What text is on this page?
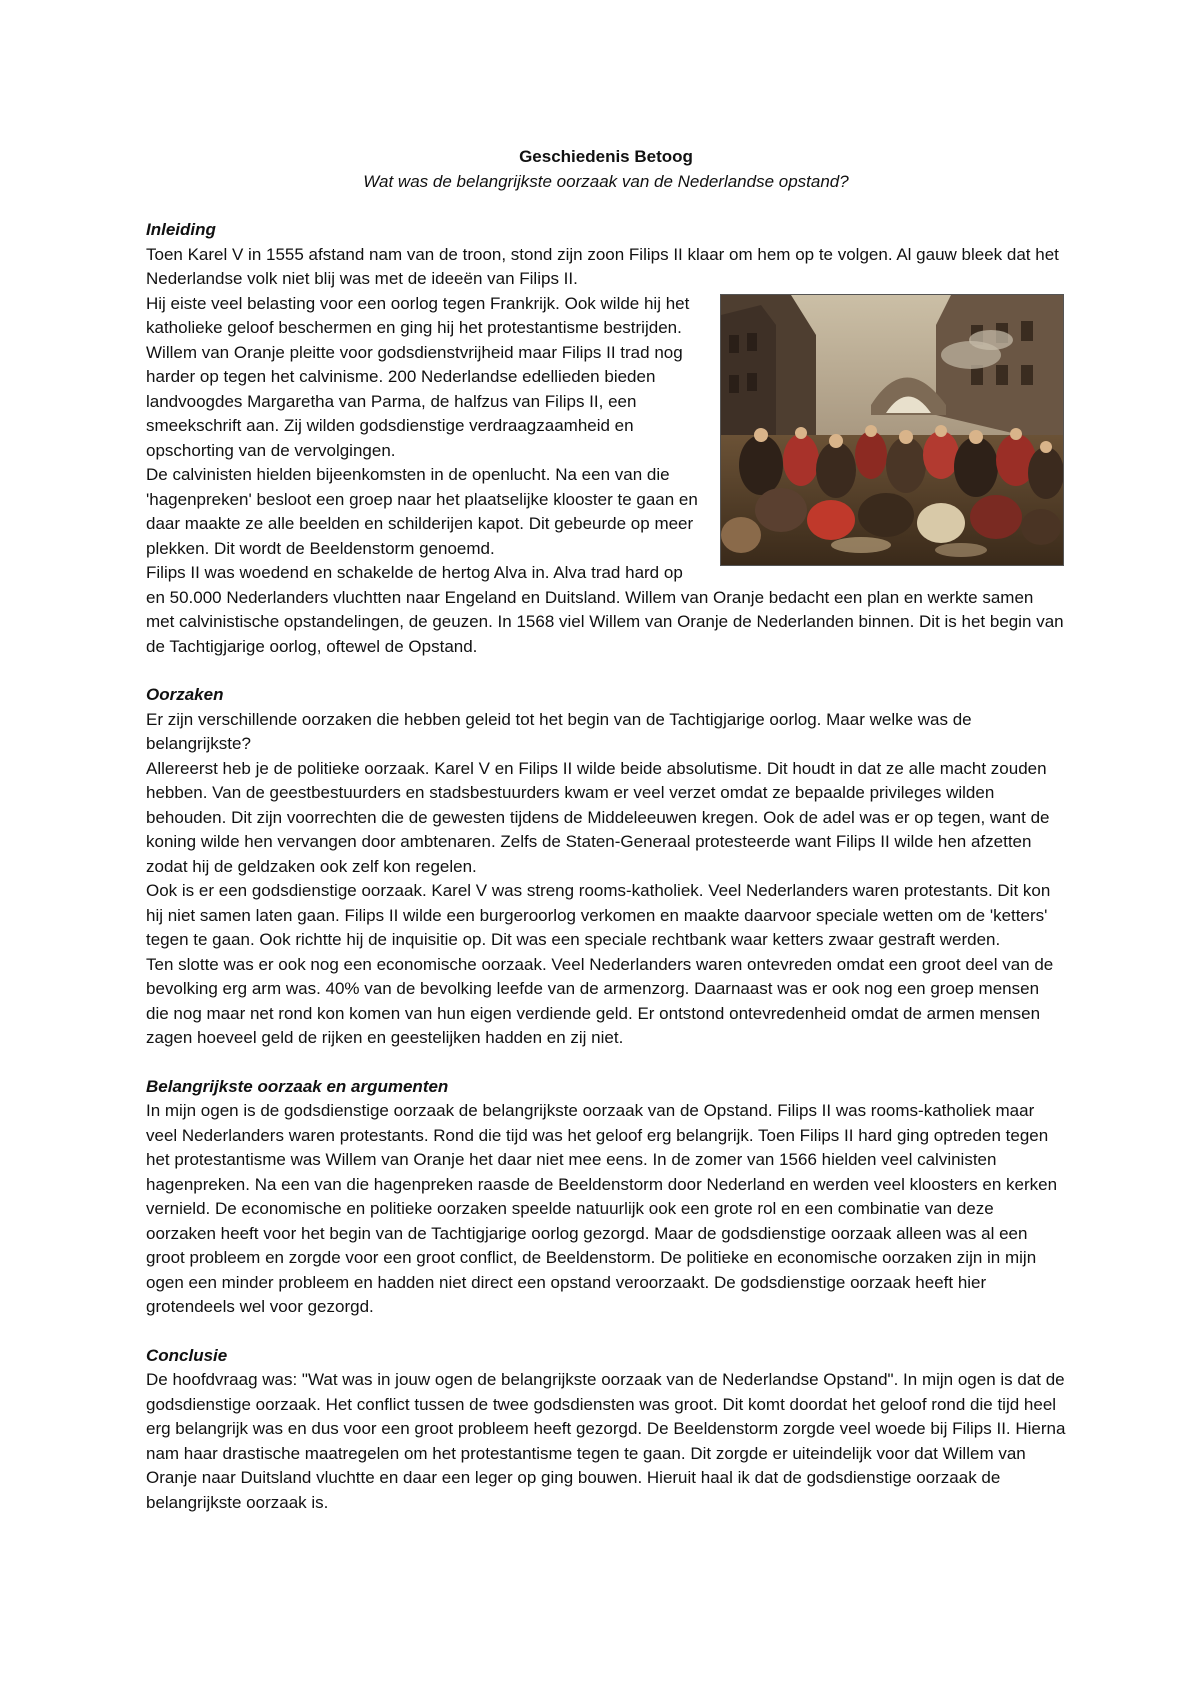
Geschiedenis Betoog
Wat was de belangrijkste oorzaak van de Nederlandse opstand?
Inleiding

Toen Karel V in 1555 afstand nam van de troon, stond zijn zoon Filips II klaar om hem op te volgen. Al gauw bleek dat het Nederlandse volk niet blij was met de ideeën van Filips II.

Hij eiste veel belasting voor een oorlog tegen Frankrijk. Ook wilde hij het katholieke geloof beschermen en ging hij het protestantisme bestrijden. Willem van Oranje pleitte voor godsdienstvrijheid maar Filips II trad nog harder op tegen het calvinisme. 200 Nederlandse edellieden bieden landvoogdes Margaretha van Parma, de halfzus van Filips II, een smeekschrift aan. Zij wilden godsdienstige verdraagzaamheid en opschorting van de vervolgingen.

De calvinisten hielden bijeenkomsten in de openlucht. Na een van die 'hagenpreken' besloot een groep naar het plaatselijke klooster te gaan en daar maakte ze alle beelden en schilderijen kapot. Dit gebeurde op meer plekken. Dit wordt de Beeldenstorm genoemd.

Filips II was woedend en schakelde de hertog Alva in. Alva trad hard op en 50.000 Nederlanders vluchtten naar Engeland en Duitsland. Willem van Oranje bedacht een plan en werkte samen met calvinistische opstandelingen, de geuzen. In 1568 viel Willem van Oranje de Nederlanden binnen. Dit is het begin van de Tachtigjarige oorlog, oftewel de Opstand.

Oorzaken

Er zijn verschillende oorzaken die hebben geleid tot het begin van de Tachtigjarige oorlog. Maar welke was de belangrijkste?

Allereerst heb je de politieke oorzaak. Karel V en Filips II wilde beide absolutisme. Dit houdt in dat ze alle macht zouden hebben. Van de geestbestuurders en stadsbestuurders kwam er veel verzet omdat ze bepaalde privileges wilden behouden. Dit zijn voorrechten die de gewesten tijdens de Middeleeuwen kregen. Ook de adel was er op tegen, want de koning wilde hen vervangen door ambtenaren. Zelfs de Staten-Generaal protesteerde want Filips II wilde hen afzetten zodat hij de geldzaken ook zelf kon regelen.

Ook is er een godsdienstige oorzaak. Karel V was streng rooms-katholiek. Veel Nederlanders waren protestants. Dit kon hij niet samen laten gaan. Filips II wilde een burgeroorlog verkomen en maakte daarvoor speciale wetten om de 'ketters' tegen te gaan. Ook richtte hij de inquisitie op. Dit was een speciale rechtbank waar ketters zwaar gestraft werden.

Ten slotte was er ook nog een economische oorzaak. Veel Nederlanders waren ontevreden omdat een groot deel van de bevolking erg arm was. 40% van de bevolking leefde van de armenzorg. Daarnaast was er ook nog een groep mensen die nog maar net rond kon komen van hun eigen verdiende geld. Er ontstond ontevredenheid omdat de armen mensen zagen hoeveel geld de rijken en geestelijken hadden en zij niet.

Belangrijkste oorzaak en argumenten

In mijn ogen is de godsdienstige oorzaak de belangrijkste oorzaak van de Opstand. Filips II was rooms-katholiek maar veel Nederlanders waren protestants. Rond die tijd was het geloof erg belangrijk. Toen Filips II hard ging optreden tegen het protestantisme was Willem van Oranje het daar niet mee eens. In de zomer van 1566 hielden veel calvinisten hagenpreken. Na een van die hagenpreken raasde de Beeldenstorm door Nederland en werden veel kloosters en kerken vernield. De economische en politieke oorzaken speelde natuurlijk ook een grote rol en een combinatie van deze oorzaken heeft voor het begin van de Tachtigjarige oorlog gezorgd. Maar de godsdienstige oorzaak alleen was al een groot probleem en zorgde voor een groot conflict, de Beeldenstorm. De politieke en economische oorzaken zijn in mijn ogen een minder probleem en hadden niet direct een opstand veroorzaakt. De godsdienstige oorzaak heeft hier grotendeels wel voor gezorgd.

Conclusie

De hoofdvraag was: "Wat was in jouw ogen de belangrijkste oorzaak van de Nederlandse Opstand". In mijn ogen is dat de godsdienstige oorzaak. Het conflict tussen de twee godsdiensten was groot. Dit komt doordat het geloof rond die tijd heel erg belangrijk was en dus voor een groot probleem heeft gezorgd. De Beeldenstorm zorgde veel woede bij Filips II. Hierna nam haar drastische maatregelen om het protestantisme tegen te gaan. Dit zorgde er uiteindelijk voor dat Willem van Oranje naar Duitsland vluchtte en daar een leger op ging bouwen. Hieruit haal ik dat de godsdienstige oorzaak de belangrijkste oorzaak is.
